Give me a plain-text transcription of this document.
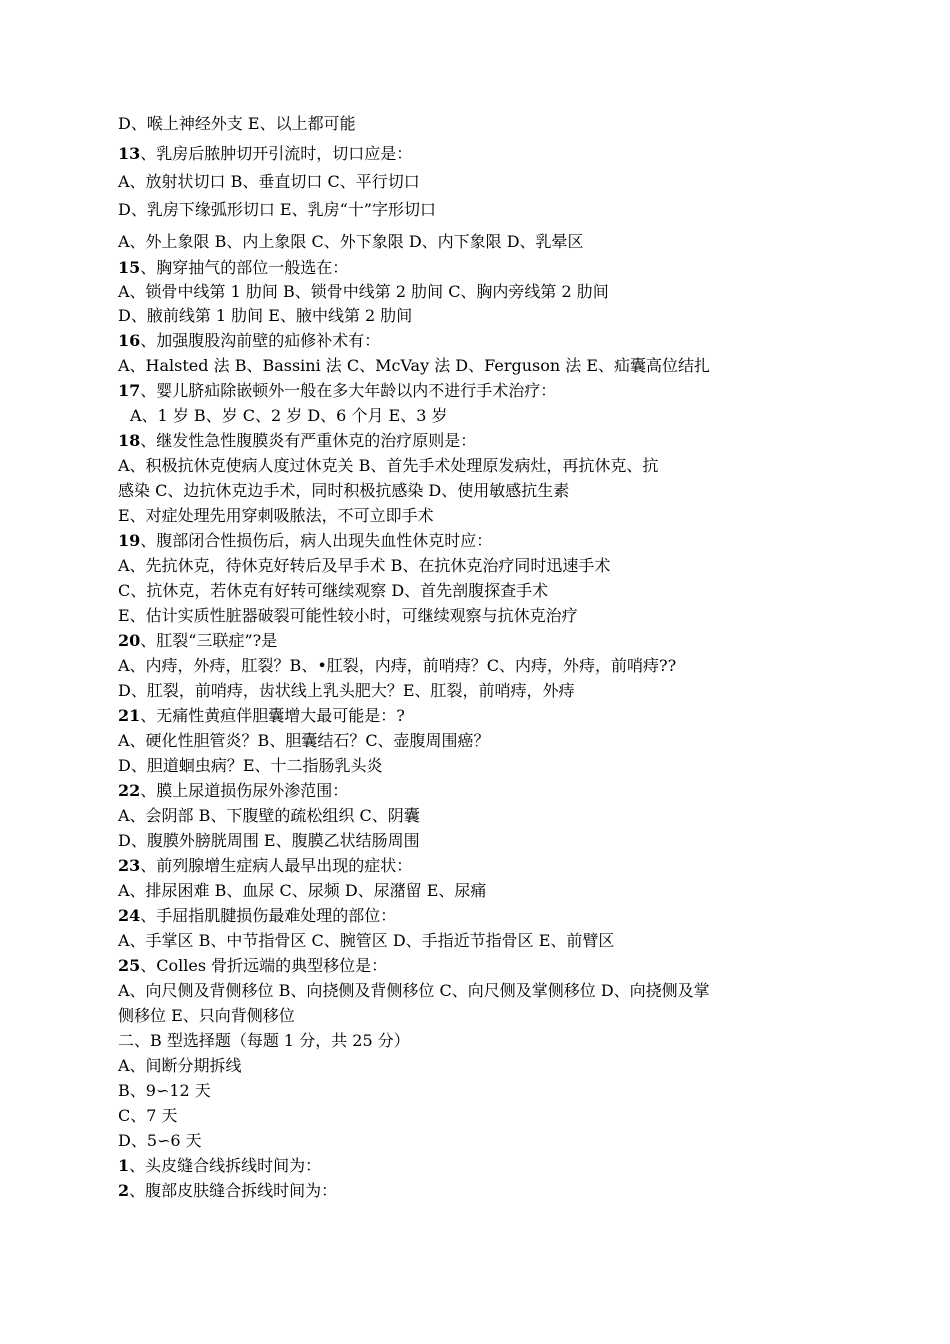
D、喉上神经外支 E、以上都可能
13、乳房后脓肿切开引流时，切口应是：
A、放射状切口 B、垂直切口 C、平行切口
D、乳房下缘弧形切口 E、乳房“十”字形切口
A、外上象限 B、内上象限 C、外下象限 D、内下象限 D、乳晕区
15、胸穿抽气的部位一般选在：
A、锁骨中线第 1 肋间 B、锁骨中线第 2 肋间 C、胸内旁线第 2 肋间
D、腋前线第 1 肋间 E、腋中线第 2 肋间
16、加强腹股沟前壁的疝修补术有：
A、Halsted 法 B、Bassini 法 C、McVay 法 D、Ferguson 法 E、疝囊高位结扎
17、婴儿脐疝除嵌顿外一般在多大年龄以内不进行手术治疗：
A、1 岁 B、岁 C、2 岁 D、6 个月 E、3 岁
18、继发性急性腹膜炎有严重休克的治疗原则是：
A、积极抗休克使病人度过休克关 B、首先手术处理原发病灶，再抗休克、抗
感染 C、边抗休克边手术，同时积极抗感染 D、使用敏感抗生素
E、对症处理先用穿刺吸脓法，不可立即手术
19、腹部闭合性损伤后，病人出现失血性休克时应：
A、先抗休克，待休克好转后及早手术 B、在抗休克治疗同时迅速手术
C、抗休克，若休克有好转可继续观察 D、首先剖腹探查手术
E、估计实质性脏器破裂可能性较小时，可继续观察与抗休克治疗
20、肛裂“三联症”?是
A、内痔，外痔，肛裂？B、•肛裂，内痔，前哨痔？C、内痔，外痔，前哨痔??
D、肛裂，前哨痔，齿状线上乳头肥大？E、肛裂，前哨痔，外痔
21、无痛性黄疸伴胆囊增大最可能是：?
A、硬化性胆管炎？B、胆囊结石？C、壶腹周围癌？
D、胆道蛔虫病？E、十二指肠乳头炎
22、膜上尿道损伤尿外渗范围：
A、会阴部 B、下腹壁的疏松组织 C、阴囊
D、腹膜外膀胱周围 E、腹膜乙状结肠周围
23、前列腺增生症病人最早出现的症状：
A、排尿困难 B、血尿 C、尿频 D、尿潴留 E、尿痛
24、手屈指肌腱损伤最难处理的部位：
A、手掌区 B、中节指骨区 C、腕管区 D、手指近节指骨区 E、前臂区
25、Colles 骨折远端的典型移位是：
A、向尺侧及背侧移位 B、向挠侧及背侧移位 C、向尺侧及掌侧移位 D、向挠侧及掌
侧移位 E、只向背侧移位
二、B 型选择题（每题 1 分，共 25 分）
A、间断分期拆线
B、9∽12 天
C、7 天
D、5∽6 天
1、头皮缝合线拆线时间为：
2、腹部皮肤缝合拆线时间为：
